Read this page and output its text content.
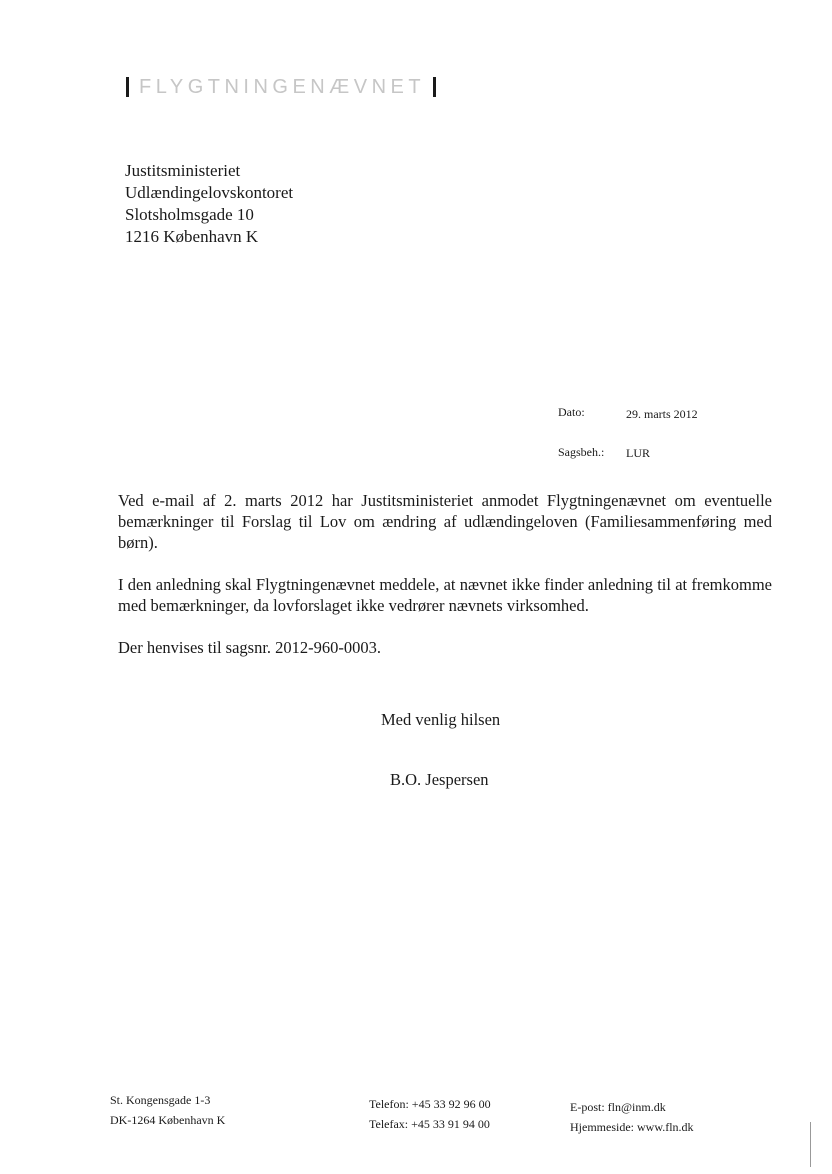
FLYGTNINGENÆVNET
Justitsministeriet
Udlændingelovskontoret
Slotsholmsgade 10
1216 København K
Dato:	29. marts 2012
Sagsbeh.: LUR

Ved e-mail af 2. marts 2012 har Justitsministeriet anmodet Flygtningenævnet om eventuelle bemærkninger til Forslag til Lov om ændring af udlændingeloven (Familiesammenføring med børn).

I den anledning skal Flygtningenævnet meddele, at nævnet ikke finder anledning til at fremkomme med bemærkninger, da lovforslaget ikke vedrører nævnets virksomhed.

Der henvises til sagsnr. 2012-960-0003.

Med venlig hilsen
B.O. Jespersen
St. Kongensgade 1-3
DK-1264 København K
Telefon: +45 33 92 96 00
Telefax: +45 33 91 94 00
E-post: fln@inm.dk
Hjemmeside: www.fln.dk
